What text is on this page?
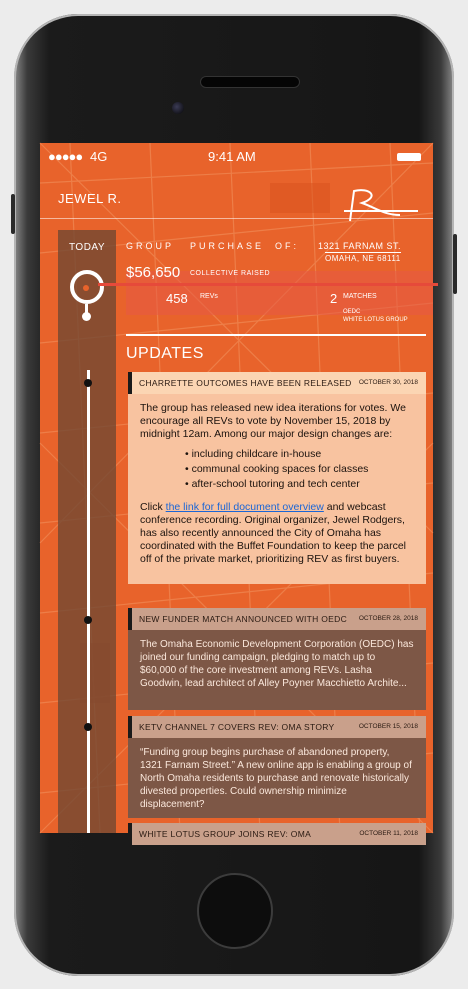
●●●●● 4G	9:41 AM
JEWEL R.
TODAY	GROUP PURCHASE OF: 1321 FARNAM ST.
OMAHA, NE 68111
$56,650 COLLECTIVE RAISED
458 REVs	2 MATCHES
OEDC
WHITE LOTUS GROUP
UPDATES
CHARRETTE OUTCOMES HAVE BEEN RELEASED OCTOBER 30, 2018
The group has released new idea iterations for votes. We encourage all REVs to vote by November 15, 2018 by midnight 12am. Among our major design changes are:
• including childcare in-house
• communal cooking spaces for classes
• after-school tutoring and tech center
Click the link for full document overview and webcast conference recording. Original organizer, Jewel Rodgers, has also recently announced the City of Omaha has coordinated with the Buffet Foundation to keep the parcel off of the private market, prioritizing REV as first buyers.
NEW FUNDER MATCH ANNOUNCED WITH OEDC OCTOBER 28, 2018
The Omaha Economic Development Corporation (OEDC) has joined our funding campaign, pledging to match up to $60,000 of the core investment among REVs. Lasha Goodwin, lead architect of Alley Poyner Macchietto Archite...
KETV CHANNEL 7 COVERS REV: OMA STORY	OCTOBER 15, 2018
“Funding group begins purchase of abandoned property, 1321 Farnam Street.” A new online app is enabling a group of North Omaha residents to purchase and renovate historically divested properties. Could ownership minimize displacement?
WHITE LOTUS GROUP JOINS REV: OMA	OCTOBER 11, 2018
